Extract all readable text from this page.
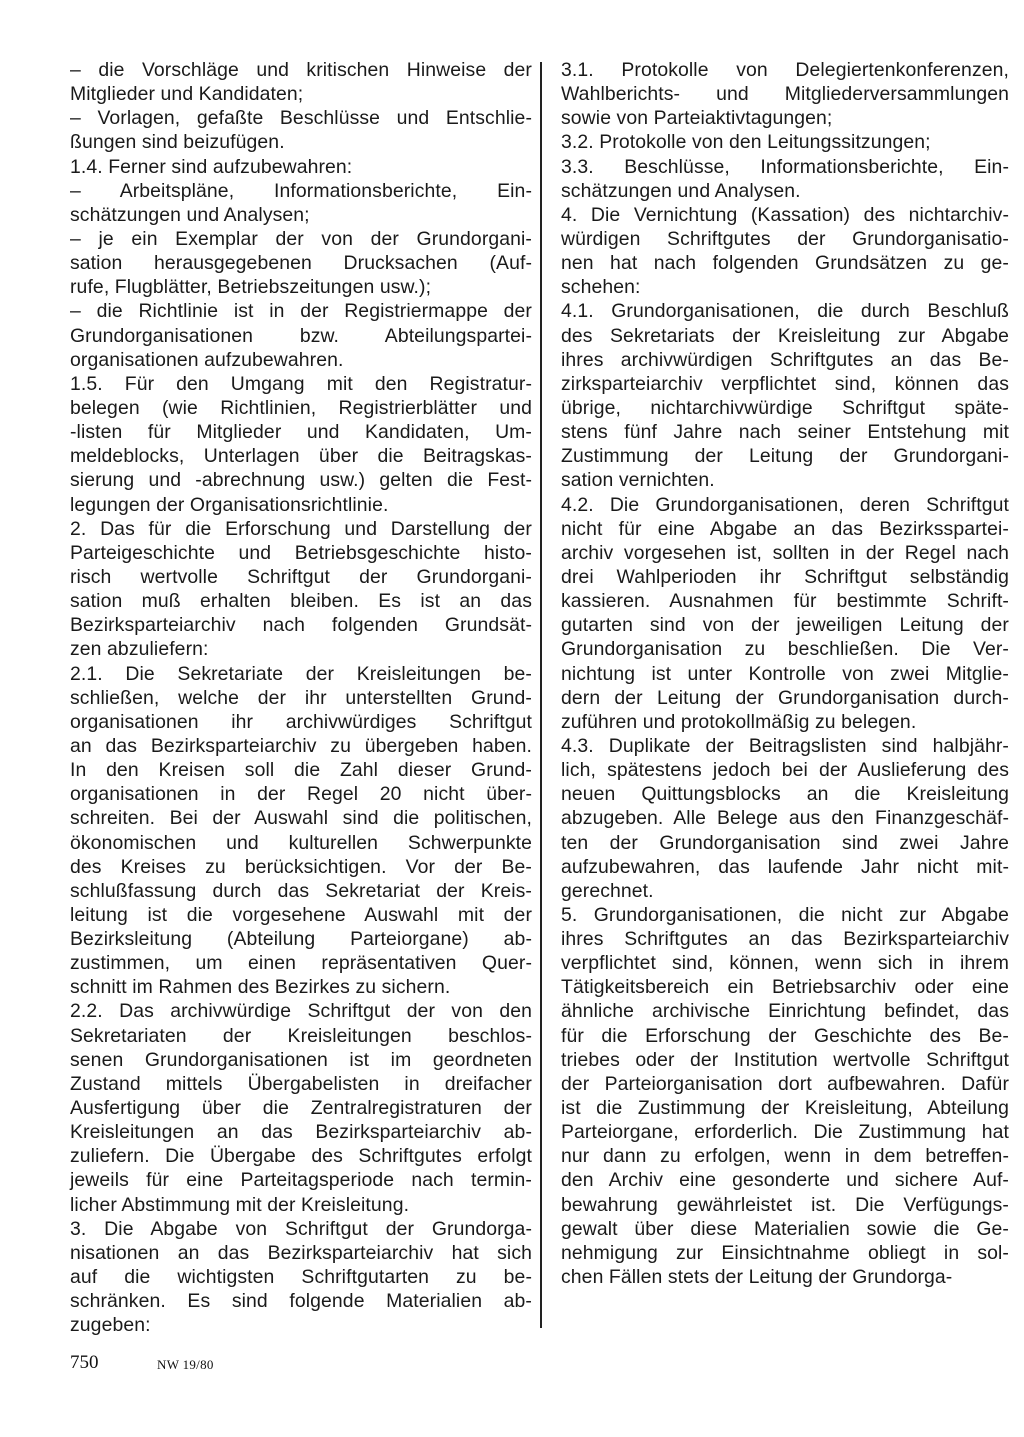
– die Vorschläge und kritischen Hinweise der
Mitglieder und Kandidaten;
– Vorlagen, gefaßte Beschlüsse und Entschlie-
ßungen sind beizufügen.
1.4. Ferner sind aufzubewahren:
– Arbeitspläne, Informationsberichte, Ein-
schätzungen und Analysen;
– je ein Exemplar der von der Grundorgani-
sation herausgegebenen Drucksachen (Auf-
rufe, Flugblätter, Betriebszeitungen usw.);
– die Richtlinie ist in der Registriermappe der
Grundorganisationen bzw. Abteilungspartei-
organisationen aufzubewahren.
1.5. Für den Umgang mit den Registratur-
belegen (wie Richtlinien, Registrierblätter und
-listen für Mitglieder und Kandidaten, Um-
meldeblocks, Unterlagen über die Beitragskas-
sierung und -abrechnung usw.) gelten die Fest-
legungen der Organisationsrichtlinie.
2. Das für die Erforschung und Darstellung der
Parteigeschichte und Betriebsgeschichte histo-
risch wertvolle Schriftgut der Grundorgani-
sation muß erhalten bleiben. Es ist an das
Bezirksparteiarchiv nach folgenden Grundsät-
zen abzuliefern:
2.1. Die Sekretariate der Kreisleitungen be-
schließen, welche der ihr unterstellten Grund-
organisationen ihr archivwürdiges Schriftgut
an das Bezirksparteiarchiv zu übergeben haben.
In den Kreisen soll die Zahl dieser Grund-
organisationen in der Regel 20 nicht über-
schreiten. Bei der Auswahl sind die politischen,
ökonomischen und kulturellen Schwerpunkte
des Kreises zu berücksichtigen. Vor der Be-
schlußfassung durch das Sekretariat der Kreis-
leitung ist die vorgesehene Auswahl mit der
Bezirksleitung (Abteilung Parteiorgane) ab-
zustimmen, um einen repräsentativen Quer-
schnitt im Rahmen des Bezirkes zu sichern.
2.2. Das archivwürdige Schriftgut der von den
Sekretariaten der Kreisleitungen beschlos-
senen Grundorganisationen ist im geordneten
Zustand mittels Übergabelisten in dreifacher
Ausfertigung über die Zentralregistraturen der
Kreisleitungen an das Bezirksparteiarchiv ab-
zuliefern. Die Übergabe des Schriftgutes erfolgt
jeweils für eine Parteitagsperiode nach termin-
licher Abstimmung mit der Kreisleitung.
3. Die Abgabe von Schriftgut der Grundorga-
nisationen an das Bezirksparteiarchiv hat sich
auf die wichtigsten Schriftgutarten zu be-
schränken. Es sind folgende Materialien ab-
zugeben:
3.1. Protokolle von Delegiertenkonferenzen,
Wahlberichts- und Mitgliederversammlungen
sowie von Parteiaktivtagungen;
3.2. Protokolle von den Leitungssitzungen;
3.3. Beschlüsse, Informationsberichte, Ein-
schätzungen und Analysen.
4. Die Vernichtung (Kassation) des nichtarchiv-
würdigen Schriftgutes der Grundorganisatio-
nen hat nach folgenden Grundsätzen zu ge-
schehen:
4.1. Grundorganisationen, die durch Beschluß
des Sekretariats der Kreisleitung zur Abgabe
ihres archivwürdigen Schriftgutes an das Be-
zirksparteiarchiv verpflichtet sind, können das
übrige, nichtarchivwürdige Schriftgut späte-
stens fünf Jahre nach seiner Entstehung mit
Zustimmung der Leitung der Grundorgani-
sation vernichten.
4.2. Die Grundorganisationen, deren Schriftgut
nicht für eine Abgabe an das Bezirksspartei-
archiv vorgesehen ist, sollten in der Regel nach
drei Wahlperioden ihr Schriftgut selbständig
kassieren. Ausnahmen für bestimmte Schrift-
gutarten sind von der jeweiligen Leitung der
Grundorganisation zu beschließen. Die Ver-
nichtung ist unter Kontrolle von zwei Mitglie-
dern der Leitung der Grundorganisation durch-
zuführen und protokollmäßig zu belegen.
4.3. Duplikate der Beitragslisten sind halbjähr-
lich, spätestens jedoch bei der Auslieferung des
neuen Quittungsblocks an die Kreisleitung
abzugeben. Alle Belege aus den Finanzgeschäf-
ten der Grundorganisation sind zwei Jahre
aufzubewahren, das laufende Jahr nicht mit-
gerechnet.
5. Grundorganisationen, die nicht zur Abgabe
ihres Schriftgutes an das Bezirksparteiarchiv
verpflichtet sind, können, wenn sich in ihrem
Tätigkeitsbereich ein Betriebsarchiv oder eine
ähnliche archivische Einrichtung befindet, das
für die Erforschung der Geschichte des Be-
triebes oder der Institution wertvolle Schriftgut
der Parteiorganisation dort aufbewahren. Dafür
ist die Zustimmung der Kreisleitung, Abteilung
Parteiorgane, erforderlich. Die Zustimmung hat
nur dann zu erfolgen, wenn in dem betreffen-
den Archiv eine gesonderte und sichere Auf-
bewahrung gewährleistet ist. Die Verfügungs-
gewalt über diese Materialien sowie die Ge-
nehmigung zur Einsichtnahme obliegt in sol-
chen Fällen stets der Leitung der Grundorga-
750	NW 19/80
